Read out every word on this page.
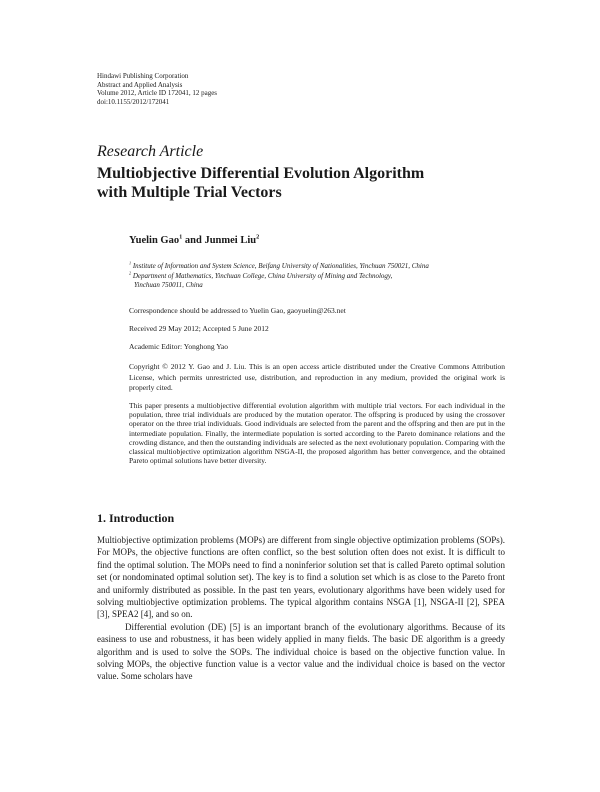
Hindawi Publishing Corporation
Abstract and Applied Analysis
Volume 2012, Article ID 172041, 12 pages
doi:10.1155/2012/172041
Research Article
Multiobjective Differential Evolution Algorithm
with Multiple Trial Vectors
Yuelin Gao$^1$ and Junmei Liu$^2$
$^1$ Institute of Information and System Science, Beifang University of Nationalities, Yinchuan 750021, China
$^2$ Department of Mathematics, Yinchuan College, China University of Mining and Technology,
Yinchuan 750011, China
Correspondence should be addressed to Yuelin Gao, gaoyuelin@263.net
Received 29 May 2012; Accepted 5 June 2012
Academic Editor: Yonghong Yao
Copyright © 2012 Y. Gao and J. Liu. This is an open access article distributed under the Creative Commons Attribution License, which permits unrestricted use, distribution, and reproduction in any medium, provided the original work is properly cited.
This paper presents a multiobjective differential evolution algorithm with multiple trial vectors. For each individual in the population, three trial individuals are produced by the mutation operator. The offspring is produced by using the crossover operator on the three trial individuals. Good individuals are selected from the parent and the offspring and then are put in the intermediate population. Finally, the intermediate population is sorted according to the Pareto dominance relations and the crowding distance, and then the outstanding individuals are selected as the next evolutionary population. Comparing with the classical multiobjective optimization algorithm NSGA-II, the proposed algorithm has better convergence, and the obtained Pareto optimal solutions have better diversity.
1. Introduction

Multiobjective optimization problems (MOPs) are different from single objective optimization problems (SOPs). For MOPs, the objective functions are often conflict, so the best solution often does not exist. It is difficult to find the optimal solution. The MOPs need to find a noninferior solution set that is called Pareto optimal solution set (or nondominated optimal solution set). The key is to find a solution set which is as close to the Pareto front and uniformly distributed as possible. In the past ten years, evolutionary algorithms have been widely used for solving multiobjective optimization problems. The typical algorithm contains NSGA [1], NSGA-II [2], SPEA [3], SPEA2 [4], and so on.

Differential evolution (DE) [5] is an important branch of the evolutionary algorithms. Because of its easiness to use and robustness, it has been widely applied in many fields. The basic DE algorithm is a greedy algorithm and is used to solve the SOPs. The individual choice is based on the objective function value. In solving MOPs, the objective function value is a vector value and the individual choice is based on the vector value. Some scholars have
